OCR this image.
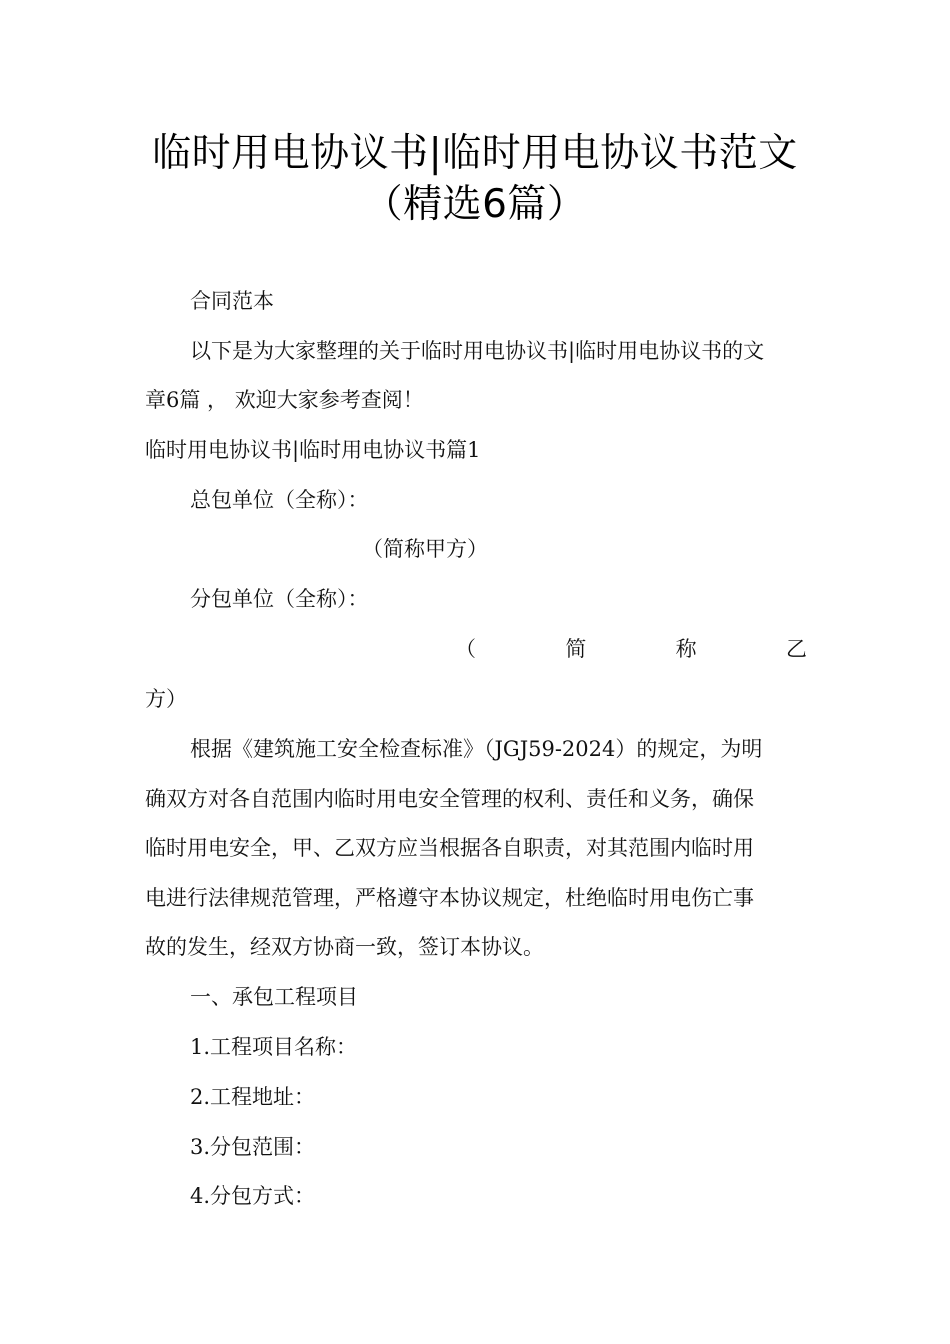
临时用电协议书|临时用电协议书范文
（精选6篇）
合同范本
以下是为大家整理的关于临时用电协议书|临时用电协议书的文
章6篇 ， 欢迎大家参考查阅！
临时用电协议书|临时用电协议书篇1
总包单位（全称）：
（简称甲方）
分包单位（全称）：
（	简	称	乙
方）
根据《建筑施工安全检查标准》（JGJ59-2024）的规定，为明
确双方对各自范围内临时用电安全管理的权利、责任和义务，确保
临时用电安全，甲、乙双方应当根据各自职责，对其范围内临时用
电进行法律规范管理，严格遵守本协议规定，杜绝临时用电伤亡事
故的发生，经双方协商一致，签订本协议。
一、承包工程项目
1.工程项目名称：
2.工程地址：
3.分包范围：
4.分包方式：
